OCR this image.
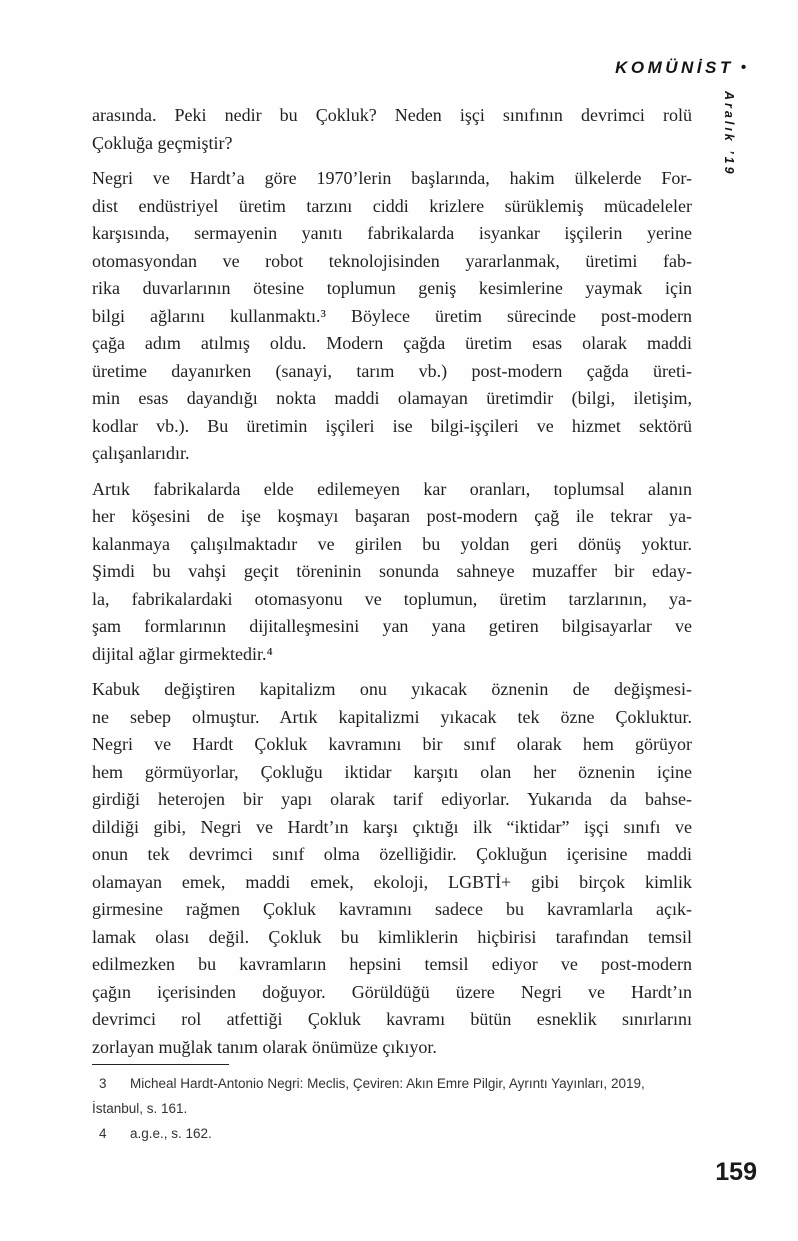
KOMÜNİST •
Aralık ’19
arasında. Peki nedir bu Çokluk? Neden işçi sınıfının devrimci rolü
Çokluğa geçmiştir?
Negri ve Hardt’a göre 1970’lerin başlarında, hakim ülkelerde For-
dist endüstriyel üretim tarzını ciddi krizlere sürüklemiş mücadeleler
karşısında, sermayenin yanıtı fabrikalarda isyankar işçilerin yerine
otomasyondan ve robot teknolojisinden yararlanmak, üretimi fab-
rika duvarlarının ötesine toplumun geniş kesimlerine yaymak için
bilgi ağlarını kullanmaktı.³ Böylece üretim sürecinde post-modern
çağa adım atılmış oldu. Modern çağda üretim esas olarak maddi
üretime dayanırken (sanayi, tarım vb.) post-modern çağda üreti-
min esas dayandığı nokta maddi olamayan üretimdir (bilgi, iletişim,
kodlar vb.). Bu üretimin işçileri ise bilgi-işçileri ve hizmet sektörü
çalışanlarıdır.
Artık fabrikalarda elde edilemeyen kar oranları, toplumsal alanın
her köşesini de işe koşmayı başaran post-modern çağ ile tekrar ya-
kalanmaya çalışılmaktadır ve girilen bu yoldan geri dönüş yoktur.
Şimdi bu vahşi geçit töreninin sonunda sahneye muzaffer bir eday-
la, fabrikalardaki otomasyonu ve toplumun, üretim tarzlarının, ya-
şam formlarının dijitalleşmesini yan yana getiren bilgisayarlar ve
dijital ağlar girmektedir.⁴
Kabuk değiştiren kapitalizm onu yıkacak öznenin de değişmesi-
ne sebep olmuştur. Artık kapitalizmi yıkacak tek özne Çokluktur.
Negri ve Hardt Çokluk kavramını bir sınıf olarak hem görüyor
hem görmüyorlar, Çokluğu iktidar karşıtı olan her öznenin içine
girdiği heterojen bir yapı olarak tarif ediyorlar. Yukarıda da bahse-
dildiği gibi, Negri ve Hardt’ın karşı çıktığı ilk “iktidar” işçi sınıfı ve
onun tek devrimci sınıf olma özelliğidir. Çokluğun içerisine maddi
olamayan emek, maddi emek, ekoloji, LGBTİ+ gibi birçok kimlik
girmesine rağmen Çokluk kavramını sadece bu kavramlarla açık-
lamak olası değil. Çokluk bu kimliklerin hiçbirisi tarafından temsil
edilmezken bu kavramların hepsini temsil ediyor ve post-modern
çağın içerisinden doğuyor. Görüldüğü üzere Negri ve Hardt’ın
devrimci rol atfettiği Çokluk kavramı bütün esneklik sınırlarını
zorlayan muğlak tanım olarak önümüze çıkıyor.
3 Micheal Hardt-Antonio Negri: Meclis, Çeviren: Akın Emre Pilgir, Ayrıntı Yayınları, 2019,
İstanbul, s. 161.
4 a.g.e., s. 162.
159
